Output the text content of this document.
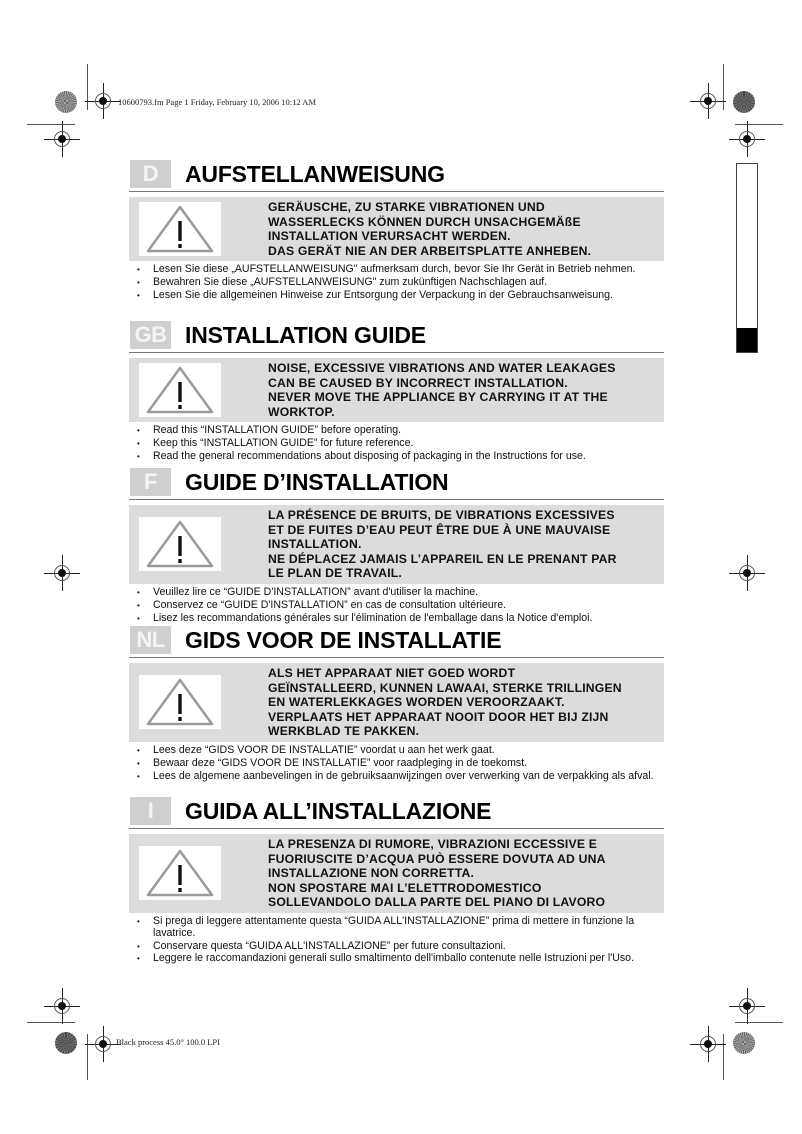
10600793.fm Page 1 Friday, February 10, 2006 10:12 AM
Black process 45.0° 100.0 LPI
D	AUFSTELLANWEISUNG
GERÄUSCHE, ZU STARKE VIBRATIONEN UND
WASSERLECKS KÖNNEN DURCH UNSACHGEMÄßE
INSTALLATION VERURSACHT WERDEN.
DAS GERÄT NIE AN DER ARBEITSPLATTE ANHEBEN.
• Lesen Sie diese „AUFSTELLANWEISUNG" aufmerksam durch, bevor Sie Ihr Gerät in Betrieb nehmen.
• Bewahren Sie diese „AUFSTELLANWEISUNG" zum zukünftigen Nachschlagen auf.
• Lesen Sie die allgemeinen Hinweise zur Entsorgung der Verpackung in der Gebrauchsanweisung.
GB INSTALLATION GUIDE
NOISE, EXCESSIVE VIBRATIONS AND WATER LEAKAGES
CAN BE CAUSED BY INCORRECT INSTALLATION.
NEVER MOVE THE APPLIANCE BY CARRYING IT AT THE
WORKTOP.
• Read this “INSTALLATION GUIDE” before operating.
• Keep this “INSTALLATION GUIDE” for future reference.
• Read the general recommendations about disposing of packaging in the Instructions for use.
F	GUIDE D’INSTALLATION
LA PRÉSENCE DE BRUITS, DE VIBRATIONS EXCESSIVES
ET DE FUITES D’EAU PEUT ÊTRE DUE À UNE MAUVAISE
INSTALLATION.
NE DÉPLACEZ JAMAIS L’APPAREIL EN LE PRENANT PAR
LE PLAN DE TRAVAIL.
• Veuillez lire ce “GUIDE D'INSTALLATION” avant d'utiliser la machine.
• Conservez ce “GUIDE D'INSTALLATION” en cas de consultation ultérieure.
• Lisez les recommandations générales sur l'élimination de l'emballage dans la Notice d'emploi.
NL GIDS VOOR DE INSTALLATIE
ALS HET APPARAAT NIET GOED WORDT
GEÏNSTALLEERD, KUNNEN LAWAAI, STERKE TRILLINGEN
EN WATERLEKKAGES WORDEN VEROORZAAKT.
VERPLAATS HET APPARAAT NOOIT DOOR HET BIJ ZIJN
WERKBLAD TE PAKKEN.
• Lees deze “GIDS VOOR DE INSTALLATIE” voordat u aan het werk gaat.
• Bewaar deze “GIDS VOOR DE INSTALLATIE” voor raadpleging in de toekomst.
• Lees de algemene aanbevelingen in de gebruiksaanwijzingen over verwerking van de verpakking als afval.
I	GUIDA ALL’INSTALLAZIONE
LA PRESENZA DI RUMORE, VIBRAZIONI ECCESSIVE E
FUORIUSCITE D’ACQUA PUÒ ESSERE DOVUTA AD UNA
INSTALLAZIONE NON CORRETTA.
NON SPOSTARE MAI L’ELETTRODOMESTICO
SOLLEVANDOLO DALLA PARTE DEL PIANO DI LAVORO
• Si prega di leggere attentamente questa “GUIDA ALL'INSTALLAZIONE” prima di mettere in funzione la lavatrice.
• Conservare questa “GUIDA ALL'INSTALLAZIONE” per future consultazioni.
• Leggere le raccomandazioni generali sullo smaltimento dell'imballo contenute nelle Istruzioni per l'Uso.
